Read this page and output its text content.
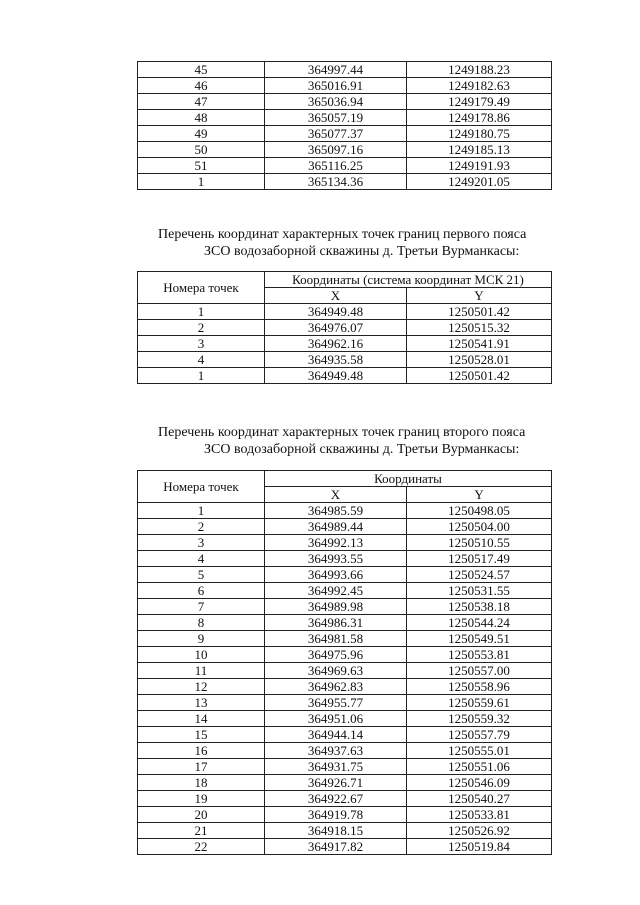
45	364997.44	1249188.23
46	365016.91	1249182.63
47	365036.94	1249179.49
48	365057.19	1249178.86
49	365077.37	1249180.75
50	365097.16	1249185.13
51	365116.25	1249191.93
1	365134.36	1249201.05
Перечень координат характерных точек границ первого пояса
ЗСО водозаборной скважины д. Третьи Вурманкасы:
Номера точек	Координаты (система координат МСК 21)	
	X	Y
1	364949.48	1250501.42
2	364976.07	1250515.32
3	364962.16	1250541.91
4	364935.58	1250528.01
1	364949.48	1250501.42
Перечень координат характерных точек границ второго пояса
ЗСО водозаборной скважины д. Третьи Вурманкасы:
Номера точек	Координаты	
	X	Y
1	364985.59	1250498.05
2	364989.44	1250504.00
3	364992.13	1250510.55
4	364993.55	1250517.49
5	364993.66	1250524.57
6	364992.45	1250531.55
7	364989.98	1250538.18
8	364986.31	1250544.24
9	364981.58	1250549.51
10	364975.96	1250553.81
11	364969.63	1250557.00
12	364962.83	1250558.96
13	364955.77	1250559.61
14	364951.06	1250559.32
15	364944.14	1250557.79
16	364937.63	1250555.01
17	364931.75	1250551.06
18	364926.71	1250546.09
19	364922.67	1250540.27
20	364919.78	1250533.81
21	364918.15	1250526.92
22	364917.82	1250519.84
